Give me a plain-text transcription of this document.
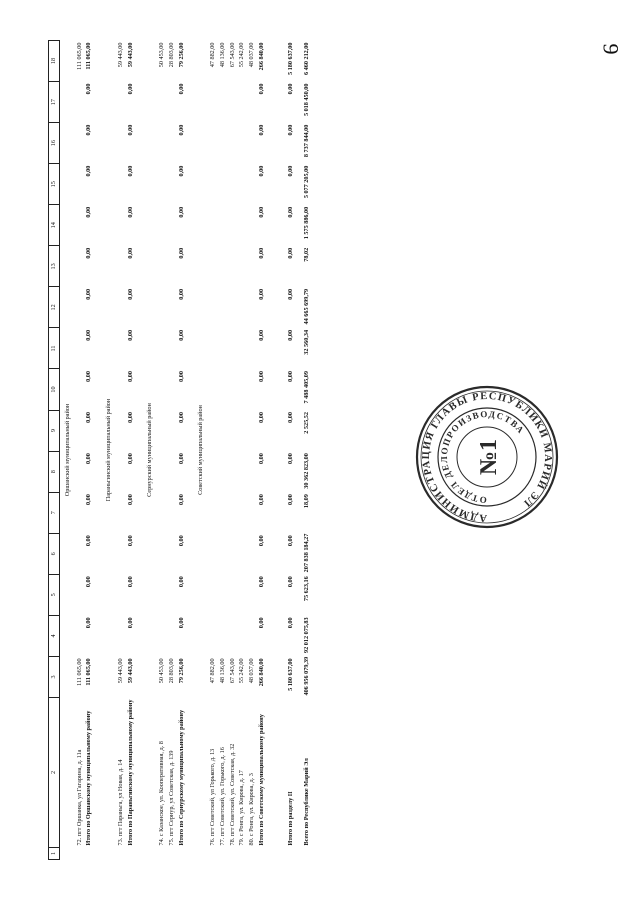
9
1	2	3	4	5	6	7	8	9	10	11	12	13	14	15	16	17	18
Оршанский муниципальный район																	
	72. пгт Оршанка, ул Гагарина, д. 11а	111 065,00															111 065,00
	Итого по Оршанскому муниципальному району	111 065,00	0,00	0,00	0,00	0,00	0,00	0,00	0,00	0,00	0,00	0,00	0,00	0,00	0,00	0,00	111 065,00
Параньгинский муниципальный район																	
	73. пгт Параньга, ул Новая, д. 14	59 443,00															59 443,00
	Итого по Параньгинскому муниципальному району	59 443,00	0,00	0,00	0,00	0,00	0,00	0,00	0,00	0,00	0,00	0,00	0,00	0,00	0,00	0,00	59 443,00
Сернурский муниципальный район																	
	74. с Казанское, ул. Кооперативная, д. 8	50 453,00															50 453,00
	75. пгт Сернур, ул Советская, д. 139	28 803,00															28 803,00
	Итого по Сернурскому муниципальному району	79 256,00	0,00	0,00	0,00	0,00	0,00	0,00	0,00	0,00	0,00	0,00	0,00	0,00	0,00	0,00	79 256,00
Советский муниципальный район																	
	76. пгт Советский, ул Горького, д. 13	47 882,00															47 882,00
	77. пгт Советский, ул. Горького, д. 16	48 136,00															48 136,00
	78. пгт Советский, ул. Советская, д. 32	67 543,00															67 543,00
	79. с Ронга, ул. Кирова, д. 17	55 242,00															55 242,00
	80. с Ронга, ул. Кирова, д. 3	48 037,00															48 037,00
	Итого по Советскому муниципальному району	266 840,00	0,00	0,00	0,00	0,00	0,00	0,00	0,00	0,00	0,00	0,00	0,00	0,00	0,00	0,00	266 840,00

	Итого по разделу II	5 180 637,00	0,00	0,00	0,00	0,00	0,00	0,00	0,00	0,00	0,00	0,00	0,00	0,00	0,00	0,00	5 180 637,00
	Всего по Республике Марий Эл	406 956 079,39	92 012 075,83	75 623,16	207 838 184,27	18,09	30 362 823,00	2 525,52	7 488 405,09	32 560,34	44 665 699,79	78,02	1 575 886,00	5 077 205,00	8 737 844,00	5 018 450,00	6 460 212,00
АДМИНИСТРАЦИЯ ГЛАВЫ РЕСПУБЛИКИ МАРИЙ ЭЛ
ОТДЕЛ ДЕЛОПРОИЗВОДСТВА
№1
